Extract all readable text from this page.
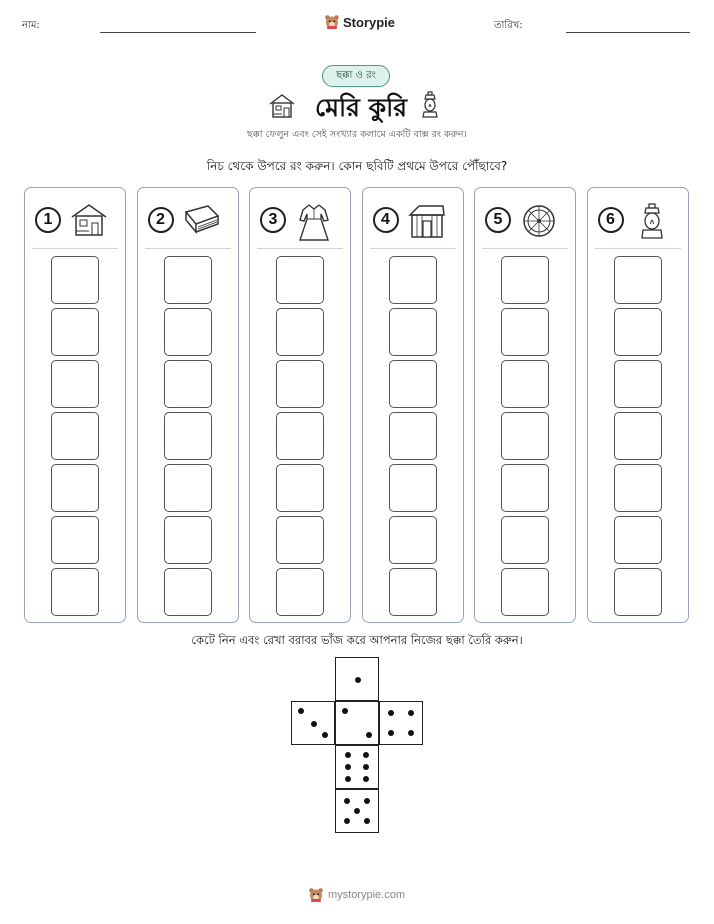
নাম:	Storypie	তারিখ:
ছক্কা ও রং
মেরি কুরি
ছক্কা ফেলুন এবং সেই সংখ্যার কলামে একটি বাক্স রং করুন।
নিচ থেকে উপরে রং করুন। কোন ছবিটি প্রথমে উপরে পৌঁছাবে?
1	2	3	4	5	6
কেটে নিন এবং রেখা বরাবর ভাঁজ করে আপনার নিজের ছক্কা তৈরি করুন।
mystorypie.com
